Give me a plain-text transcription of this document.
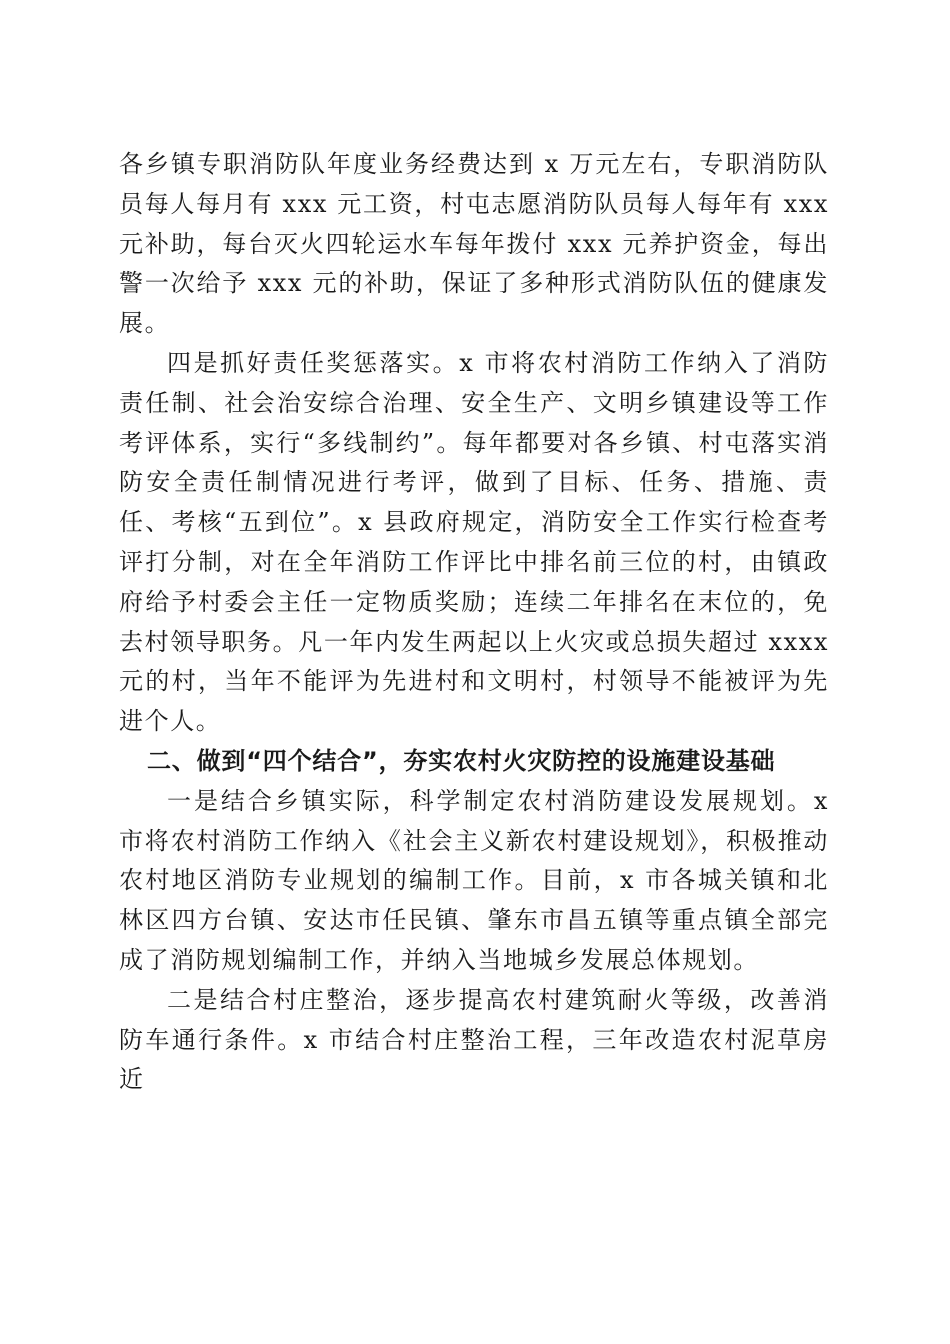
各乡镇专职消防队年度业务经费达到 x 万元左右，专职消防队员每人每月有 xxx 元工资，村屯志愿消防队员每人每年有 xxx 元补助，每台灭火四轮运水车每年拨付 xxx 元养护资金，每出警一次给予 xxx 元的补助，保证了多种形式消防队伍的健康发展。

四是抓好责任奖惩落实。x 市将农村消防工作纳入了消防责任制、社会治安综合治理、安全生产、文明乡镇建设等工作考评体系，实行“多线制约”。每年都要对各乡镇、村屯落实消防安全责任制情况进行考评，做到了目标、任务、措施、责任、考核“五到位”。x 县政府规定，消防安全工作实行检查考评打分制，对在全年消防工作评比中排名前三位的村，由镇政府给予村委会主任一定物质奖励；连续二年排名在末位的，免去村领导职务。凡一年内发生两起以上火灾或总损失超过 xxxx 元的村，当年不能评为先进村和文明村，村领导不能被评为先进个人。

二、做到“四个结合”，夯实农村火灾防控的设施建设基础

一是结合乡镇实际，科学制定农村消防建设发展规划。x 市将农村消防工作纳入《社会主义新农村建设规划》，积极推动农村地区消防专业规划的编制工作。目前，x 市各城关镇和北林区四方台镇、安达市任民镇、肇东市昌五镇等重点镇全部完成了消防规划编制工作，并纳入当地城乡发展总体规划。

二是结合村庄整治，逐步提高农村建筑耐火等级，改善消防车通行条件。x 市结合村庄整治工程，三年改造农村泥草房近
